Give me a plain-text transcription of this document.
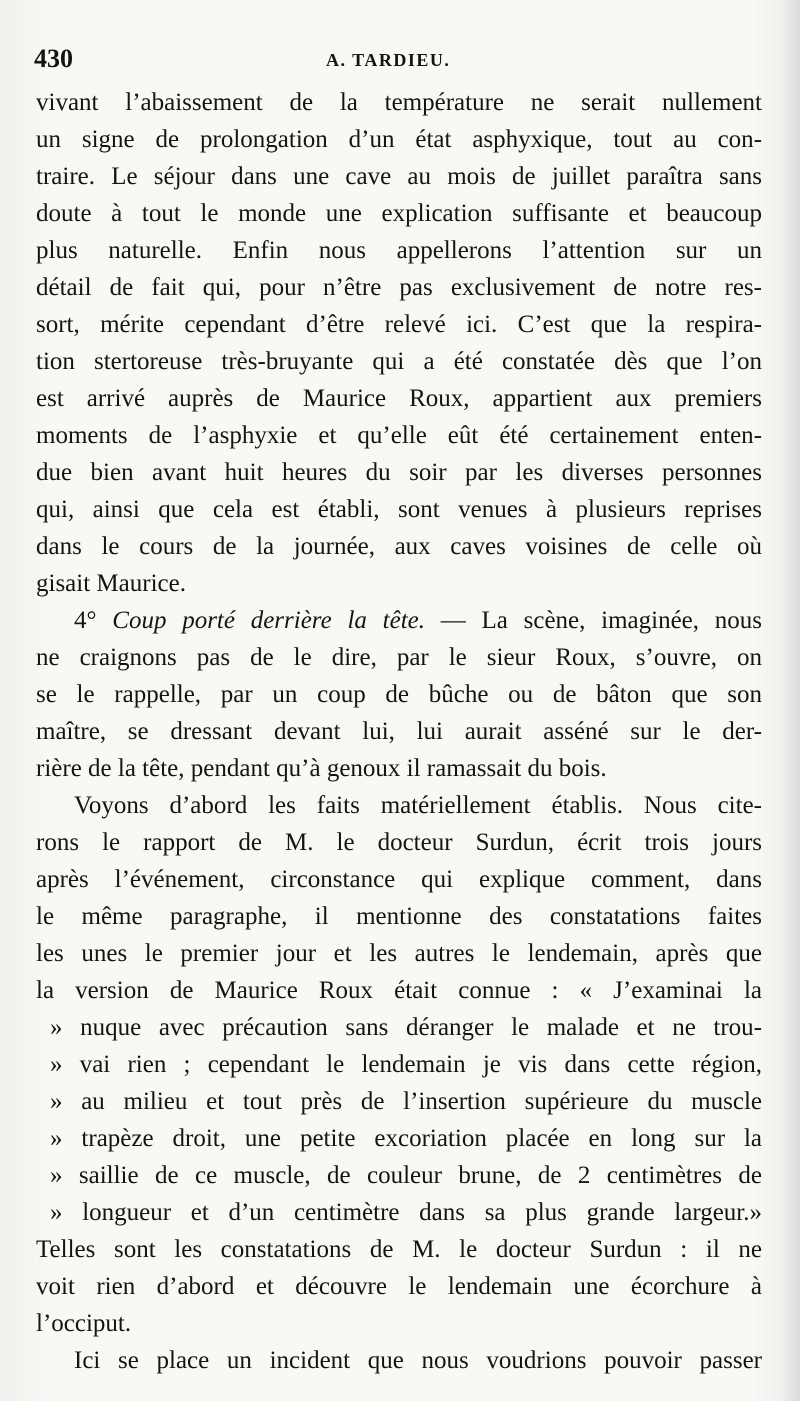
430	A. TARDIEU.
vivant l’abaissement de la température ne serait nullement
un signe de prolongation d’un état asphyxique, tout au con-
traire. Le séjour dans une cave au mois de juillet paraîtra sans
doute à tout le monde une explication suffisante et beaucoup
plus naturelle. Enfin nous appellerons l’attention sur un
détail de fait qui, pour n’être pas exclusivement de notre res-
sort, mérite cependant d’être relevé ici. C’est que la respira-
tion stertoreuse très-bruyante qui a été constatée dès que l’on
est arrivé auprès de Maurice Roux, appartient aux premiers
moments de l’asphyxie et qu’elle eût été certainement enten-
due bien avant huit heures du soir par les diverses personnes
qui, ainsi que cela est établi, sont venues à plusieurs reprises
dans le cours de la journée, aux caves voisines de celle où
gisait Maurice.
4° Coup porté derrière la tête. — La scène, imaginée, nous
ne craignons pas de le dire, par le sieur Roux, s’ouvre, on
se le rappelle, par un coup de bûche ou de bâton que son
maître, se dressant devant lui, lui aurait asséné sur le der-
rière de la tête, pendant qu’à genoux il ramassait du bois.
Voyons d’abord les faits matériellement établis. Nous cite-
rons le rapport de M. le docteur Surdun, écrit trois jours
après l’événement, circonstance qui explique comment, dans
le même paragraphe, il mentionne des constatations faites
les unes le premier jour et les autres le lendemain, après que
la version de Maurice Roux était connue : « J’examinai la
» nuque avec précaution sans déranger le malade et ne trou-
» vai rien ; cependant le lendemain je vis dans cette région,
» au milieu et tout près de l’insertion supérieure du muscle
» trapèze droit, une petite excoriation placée en long sur la
» saillie de ce muscle, de couleur brune, de 2 centimètres de
» longueur et d’un centimètre dans sa plus grande largeur.»
Telles sont les constatations de M. le docteur Surdun : il ne
voit rien d’abord et découvre le lendemain une écorchure à
l’occiput.
Ici se place un incident que nous voudrions pouvoir passer
